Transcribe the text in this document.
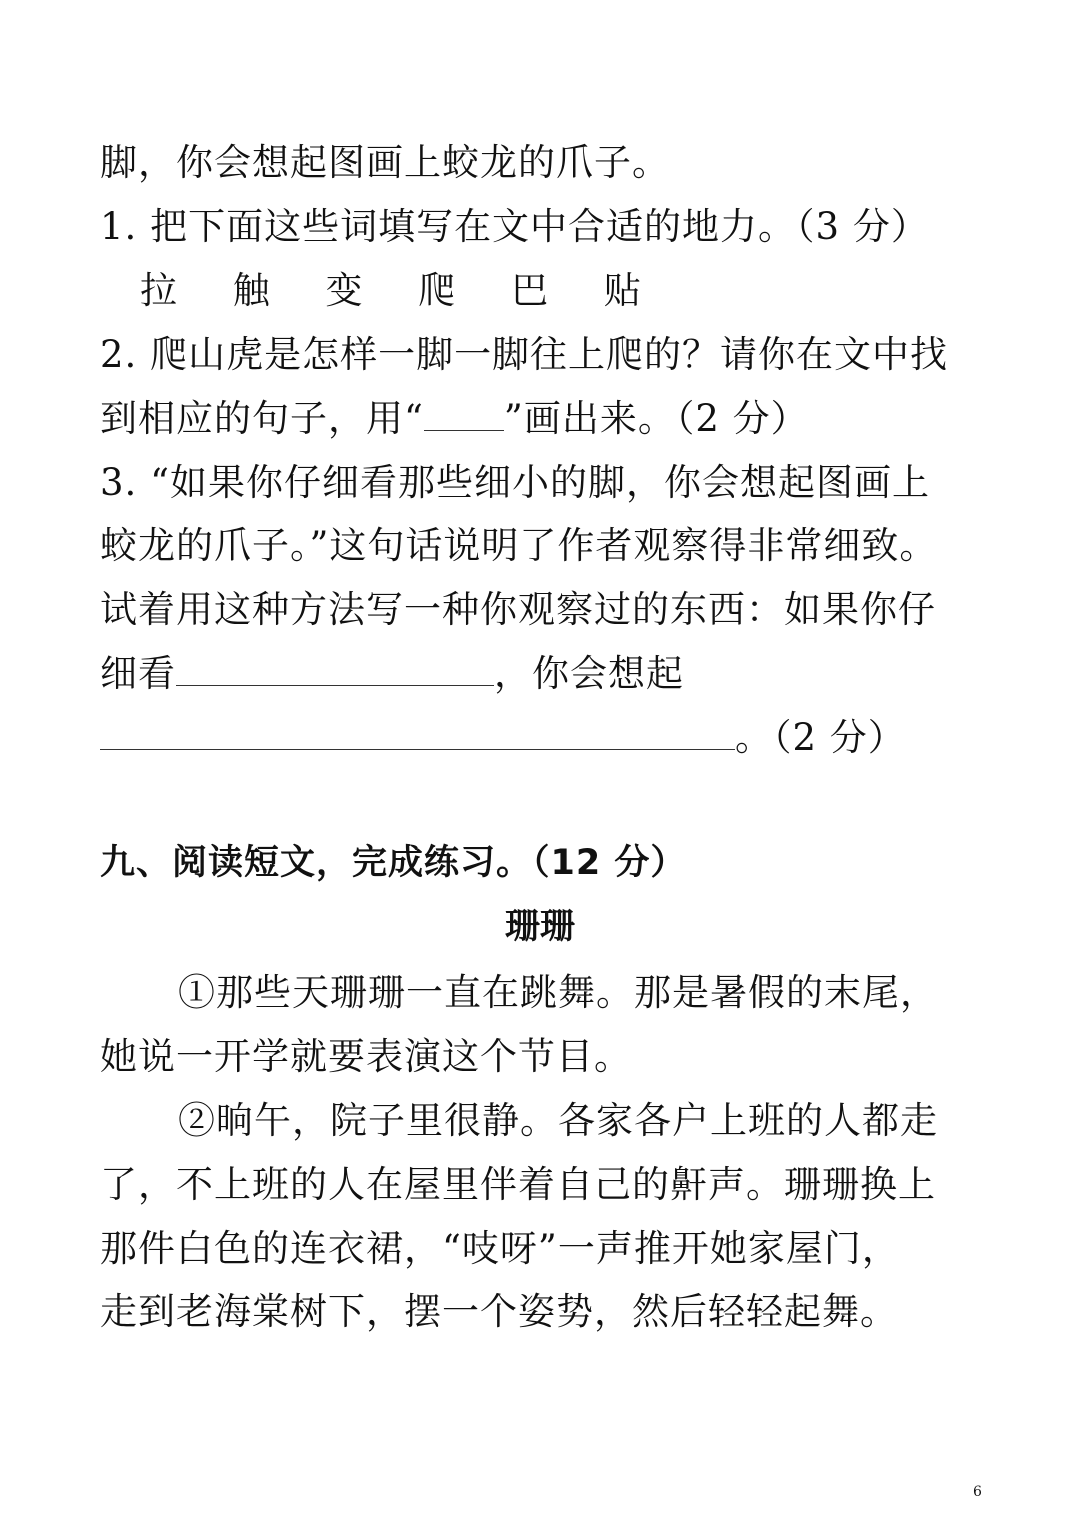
脚，你会想起图画上蛟龙的爪子。
1. 把下面这些词填写在文中合适的地力。（3 分）
拉 触 变 爬 巴 贴
2. 爬山虎是怎样一脚一脚往上爬的？请你在文中找
到相应的句子，用“ ”画出来。（2 分）
3. “如果你仔细看那些细小的脚，你会想起图画上
蛟龙的爪子。”这句话说明了作者观察得非常细致。
试着用这种方法写一种你观察过的东西：如果你仔
细看	，你会想起
。（2 分）
九、阅读短文，完成练习。（12 分）
珊珊
①那些天珊珊一直在跳舞。那是暑假的末尾，
她说一开学就要表演这个节目。
②晌午，院子里很静。各家各户上班的人都走
了，不上班的人在屋里伴着自己的鼾声。珊珊换上
那件白色的连衣裙，“吱呀”一声推开她家屋门，
走到老海棠树下，摆一个姿势，然后轻轻起舞。
6
